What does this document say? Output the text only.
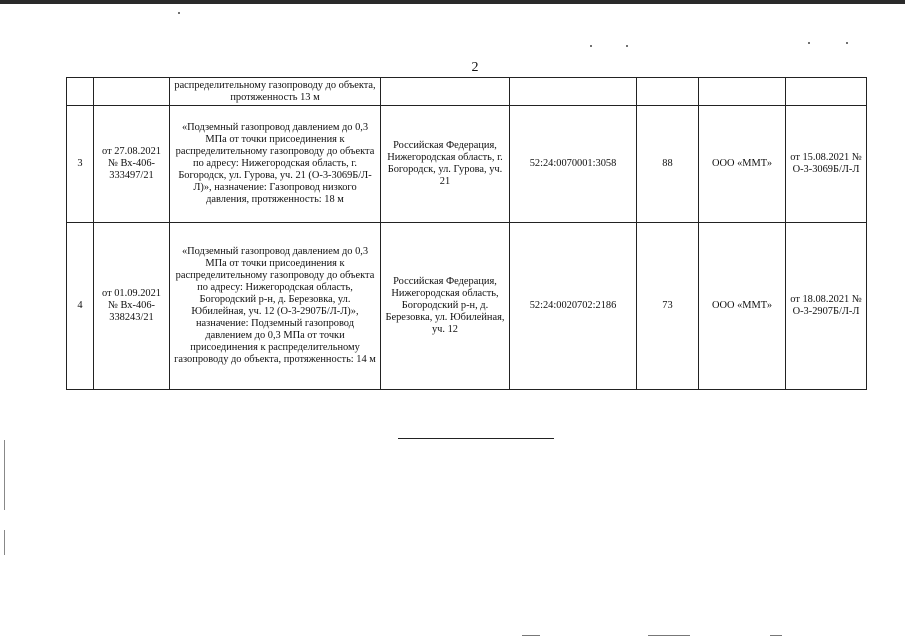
2
		распределительному газопроводу до объекта, протяженность 13 м					
3	от 27.08.2021 № Вх-406-333497/21	«Подземный газопровод давлением до 0,3 МПа от точки присоединения к распределительному газопроводу до объекта по адресу: Нижегородская область, г. Богородск, ул. Гурова, уч. 21 (О-3-3069Б/Л-Л)», назначение: Газопровод низкого давления, протяженность: 18 м	Российская Федерация, Нижегородская область, г. Богородск, ул. Гурова, уч. 21	52:24:0070001:3058	88	ООО «ММТ»	от 15.08.2021 № О-3-3069Б/Л-Л
4	от 01.09.2021 № Вх-406-338243/21	«Подземный газопровод давлением до 0,3 МПа от точки присоединения к распределительному газопроводу до объекта по адресу: Нижегородская область, Богородский р-н, д. Березовка, ул. Юбилейная, уч. 12 (О-3-2907Б/Л-Л)», назначение: Подземный газопровод давлением до 0,3 МПа от точки присоединения к распределительному газопроводу до объекта, протяженность: 14 м	Российская Федерация, Нижегородская область, Богородский р-н, д. Березовка, ул. Юбилейная, уч. 12	52:24:0020702:2186	73	ООО «ММТ»	от 18.08.2021 № О-3-2907Б/Л-Л
